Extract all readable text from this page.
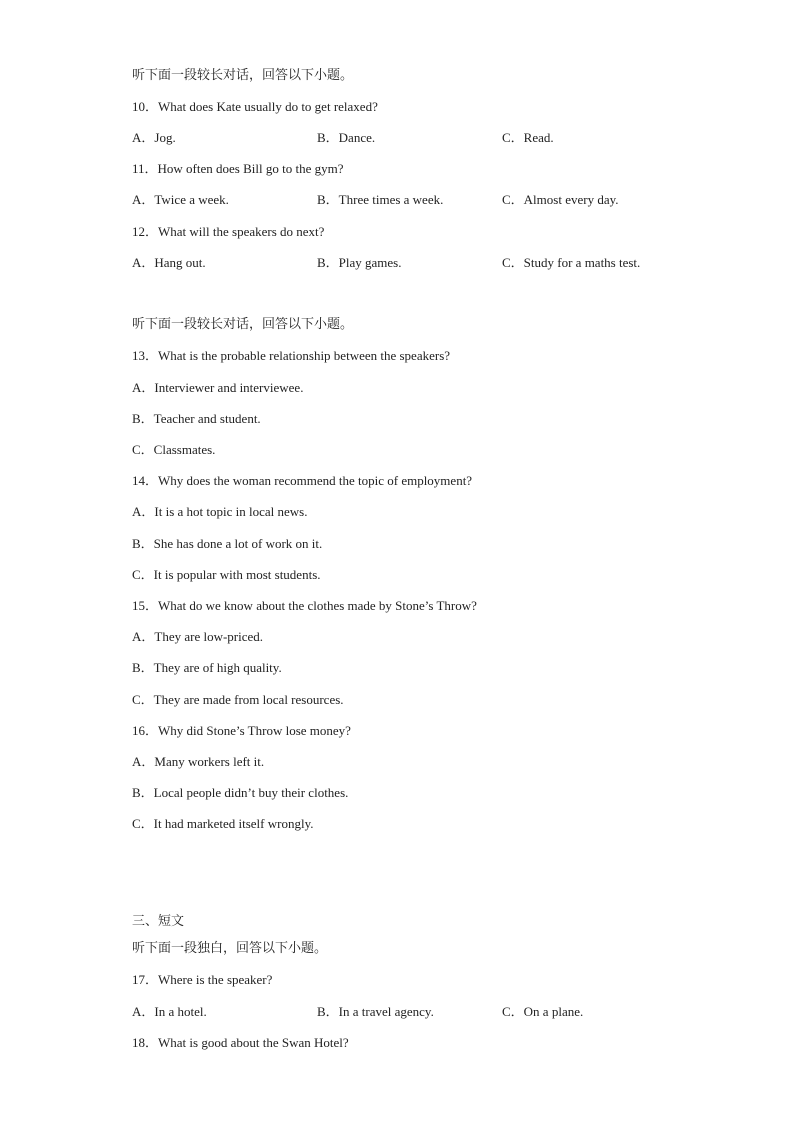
听下面一段较长对话，回答以下小题。
10．What does Kate usually do to get relaxed?
A．Jog.	B．Dance.	C．Read.
11．How often does Bill go to the gym?
A．Twice a week.	B．Three times a week.	C．Almost every day.
12．What will the speakers do next?
A．Hang out.	B．Play games.	C．Study for a maths test.
听下面一段较长对话，回答以下小题。
13．What is the probable relationship between the speakers?
A．Interviewer and interviewee.
B．Teacher and student.
C．Classmates.
14．Why does the woman recommend the topic of employment?
A．It is a hot topic in local news.
B．She has done a lot of work on it.
C．It is popular with most students.
15．What do we know about the clothes made by Stone’s Throw?
A．They are low-priced.
B．They are of high quality.
C．They are made from local resources.
16．Why did Stone’s Throw lose money?
A．Many workers left it.
B．Local people didn’t buy their clothes.
C．It had marketed itself wrongly.
三、短文
听下面一段独白，回答以下小题。
17．Where is the speaker?
A．In a hotel.	B．In a travel agency.	C．On a plane.
18．What is good about the Swan Hotel?
